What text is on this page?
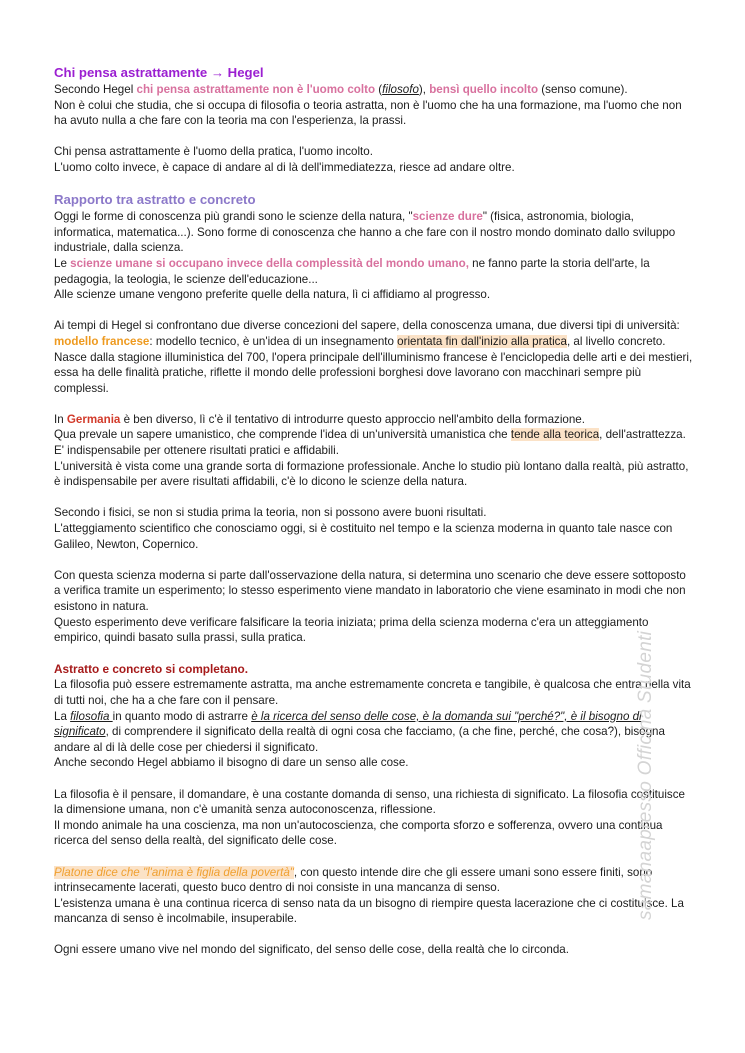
Chi pensa astrattamente → Hegel
Secondo Hegel chi pensa astrattamente non è l'uomo colto (filosofo), bensì quello incolto (senso comune).
Non è colui che studia, che si occupa di filosofia o teoria astratta, non è l'uomo che ha una formazione, ma l'uomo che non ha avuto nulla a che fare con la teoria ma con l'esperienza, la prassi.
Chi pensa astrattamente è l'uomo della pratica, l'uomo incolto.
L'uomo colto invece, è capace di andare al di là dell'immediatezza, riesce ad andare oltre.
Rapporto tra astratto e concreto
Oggi le forme di conoscenza più grandi sono le scienze della natura, "scienze dure" (fisica, astronomia, biologia, informatica, matematica...). Sono forme di conoscenza che hanno a che fare con il nostro mondo dominato dallo sviluppo industriale, dalla scienza.
Le scienze umane si occupano invece della complessità del mondo umano, ne fanno parte la storia dell'arte, la pedagogia, la teologia, le scienze dell'educazione...
Alle scienze umane vengono preferite quelle della natura, lì ci affidiamo al progresso.
Ai tempi di Hegel si confrontano due diverse concezioni del sapere, della conoscenza umana, due diversi tipi di università:
modello francese: modello tecnico, è un'idea di un insegnamento orientata fin dall'inizio alla pratica, al livello concreto. Nasce dalla stagione illuministica del 700, l'opera principale dell'illuminismo francese è l'enciclopedia delle arti e dei mestieri, essa ha delle finalità pratiche, riflette il mondo delle professioni borghesi dove lavorano con macchinari sempre più complessi.
In Germania è ben diverso, lì c'è il tentativo di introdurre questo approccio nell'ambito della formazione.
Qua prevale un sapere umanistico, che comprende l'idea di un'università umanistica che tende alla teorica, dell'astrattezza. E' indispensabile per ottenere risultati pratici e affidabili.
L'università è vista come una grande sorta di formazione professionale. Anche lo studio più lontano dalla realtà, più astratto, è indispensabile per avere risultati affidabili, c'è lo dicono le scienze della natura.
Secondo i fisici, se non si studia prima la teoria, non si possono avere buoni risultati.
L'atteggiamento scientifico che conosciamo oggi, si è costituito nel tempo e la scienza moderna in quanto tale nasce con Galileo, Newton, Copernico.
Con questa scienza moderna si parte dall'osservazione della natura, si determina uno scenario che deve essere sottoposto a verifica tramite un esperimento; lo stesso esperimento viene mandato in laboratorio che viene esaminato in modi che non esistono in natura.
Questo esperimento deve verificare falsificare la teoria iniziata; prima della scienza moderna c'era un atteggiamento empirico, quindi basato sulla prassi, sulla pratica.
Astratto e concreto si completano.
La filosofia può essere estremamente astratta, ma anche estremamente concreta e tangibile, è qualcosa che entra nella vita di tutti noi, che ha a che fare con il pensare.
La filosofia in quanto modo di astrarre è la ricerca del senso delle cose, è la domanda sui "perché?", è il bisogno di significato, di comprendere il significato della realtà di ogni cosa che facciamo, (a che fine, perché, che cosa?), bisogna andare al di là delle cose per chiedersi il significato.
Anche secondo Hegel abbiamo il bisogno di dare un senso alle cose.
La filosofia è il pensare, il domandare, è una costante domanda di senso, una richiesta di significato. La filosofia costituisce la dimensione umana, non c'è umanità senza autoconoscenza, riflessione.
Il mondo animale ha una coscienza, ma non un'autocoscienza, che comporta sforzo e sofferenza, ovvero una continua ricerca del senso della realtà, del significato delle cose.
Platone dice che "l'anima è figlia della povertà", con questo intende dire che gli essere umani sono essere finiti, sono intrinsecamente lacerati, questo buco dentro di noi consiste in una mancanza di senso.
L'esistenza umana è una continua ricerca di senso nata da un bisogno di riempire questa lacerazione che ci costituisce. La mancanza di senso è incolmabile, insuperabile.
Ogni essere umano vive nel mondo del significato, del senso delle cose, della realtà che lo circonda.
samanaapresso Officina Studenti
